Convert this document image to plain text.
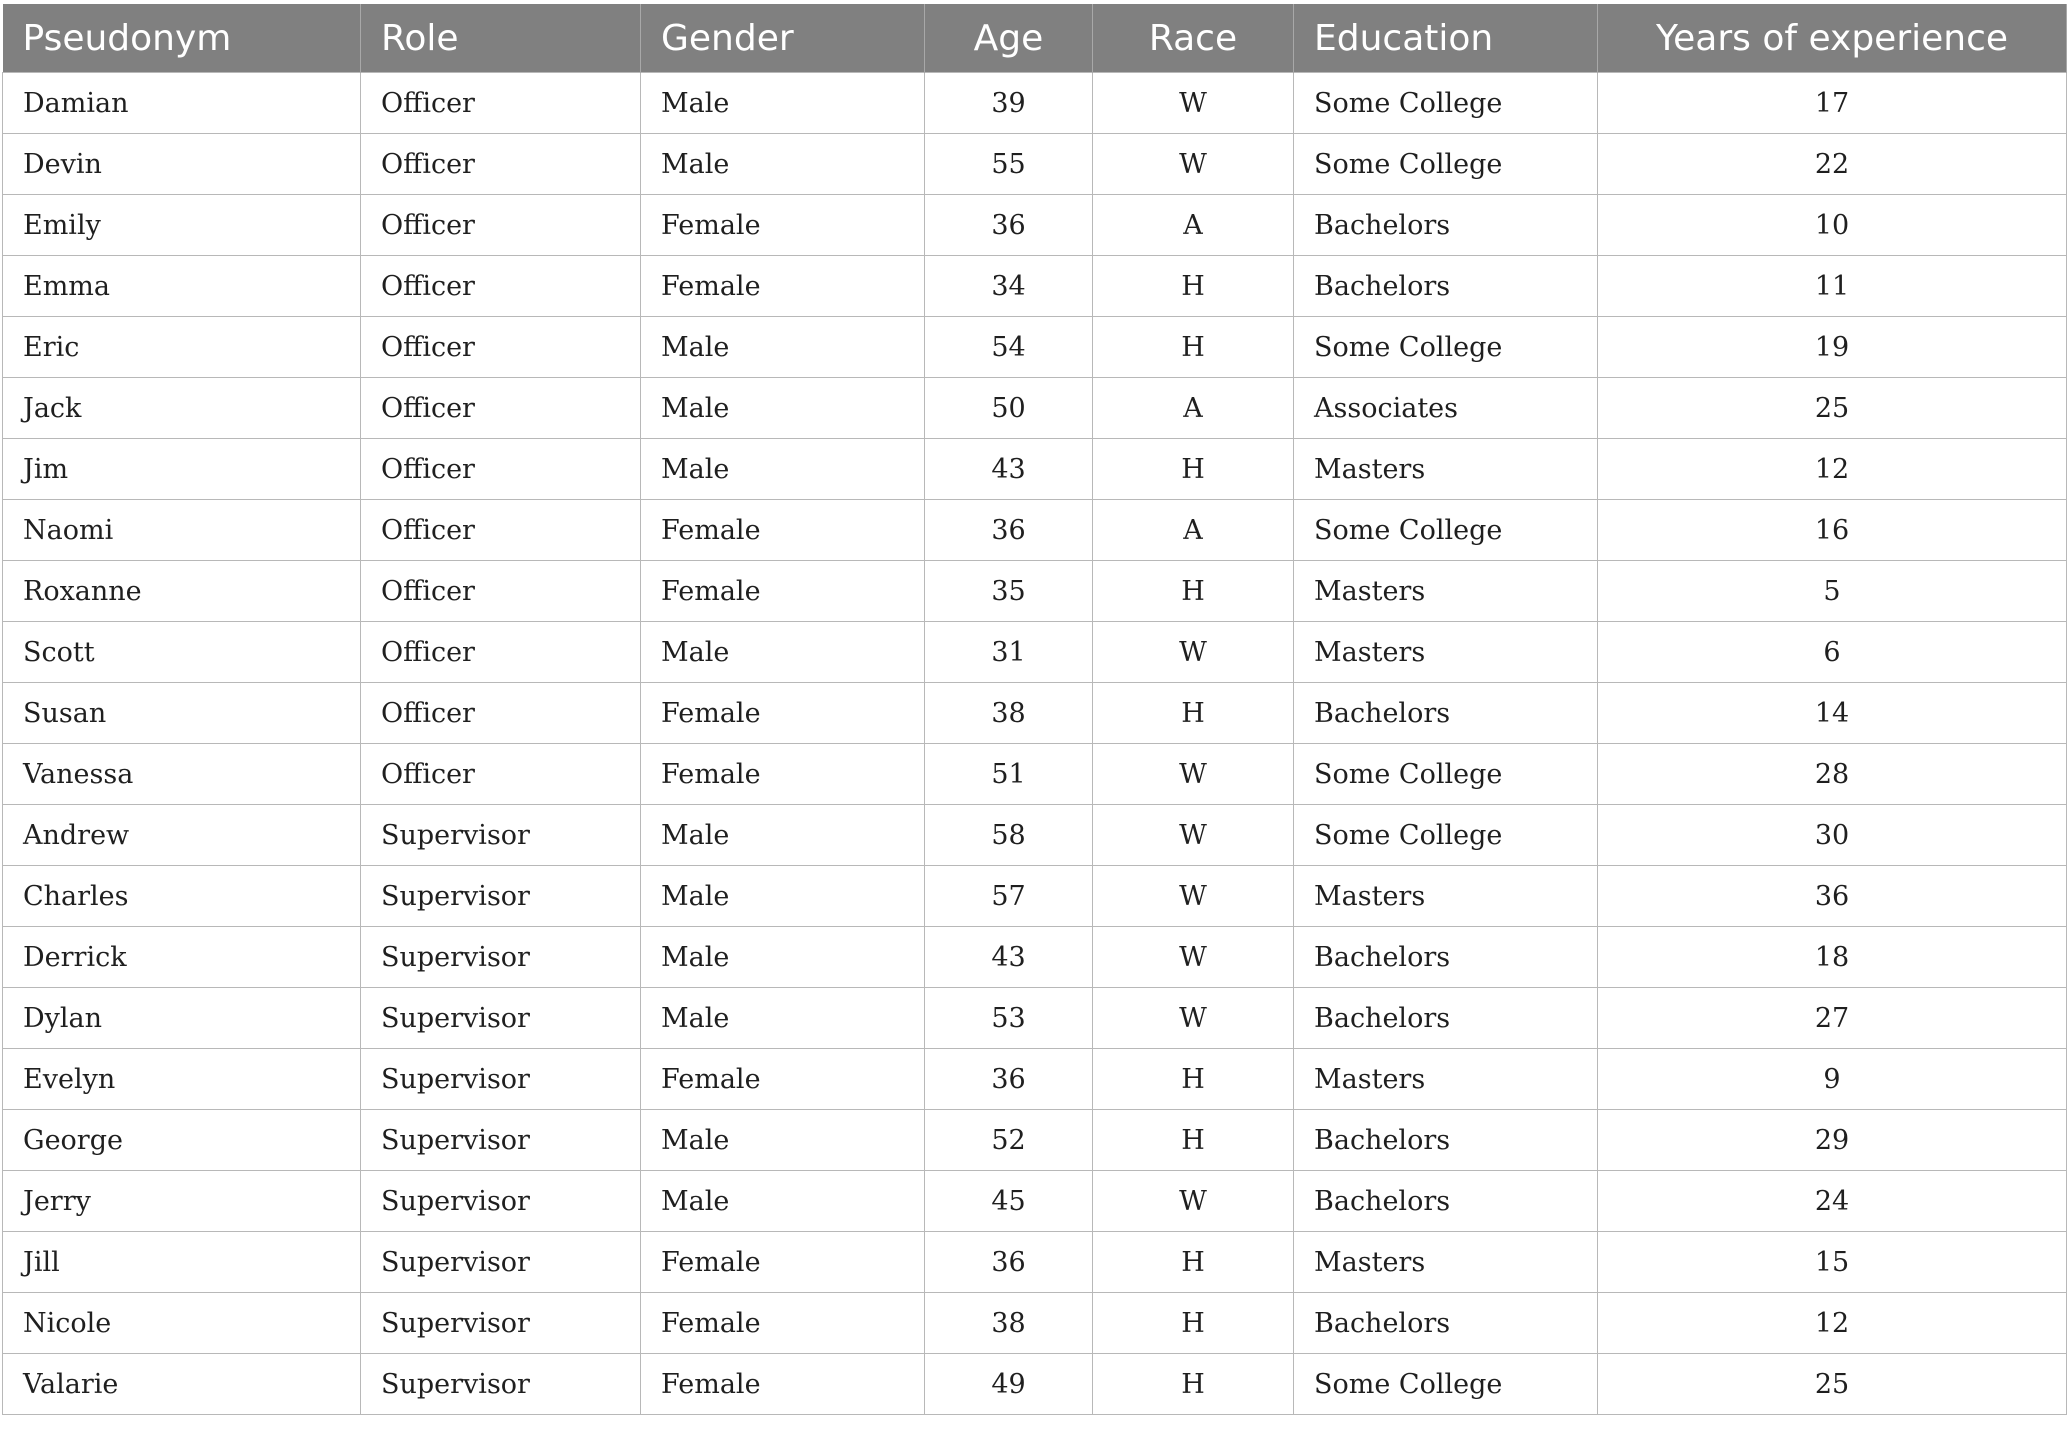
Pseudonym	Role	Gender	Age	Race	Education	Years of experience
Damian	Officer	Male	39	W	Some College	17
Devin	Officer	Male	55	W	Some College	22
Emily	Officer	Female	36	A	Bachelors	10
Emma	Officer	Female	34	H	Bachelors	11
Eric	Officer	Male	54	H	Some College	19
Jack	Officer	Male	50	A	Associates	25
Jim	Officer	Male	43	H	Masters	12
Naomi	Officer	Female	36	A	Some College	16
Roxanne	Officer	Female	35	H	Masters	5
Scott	Officer	Male	31	W	Masters	6
Susan	Officer	Female	38	H	Bachelors	14
Vanessa	Officer	Female	51	W	Some College	28
Andrew	Supervisor	Male	58	W	Some College	30
Charles	Supervisor	Male	57	W	Masters	36
Derrick	Supervisor	Male	43	W	Bachelors	18
Dylan	Supervisor	Male	53	W	Bachelors	27
Evelyn	Supervisor	Female	36	H	Masters	9
George	Supervisor	Male	52	H	Bachelors	29
Jerry	Supervisor	Male	45	W	Bachelors	24
Jill	Supervisor	Female	36	H	Masters	15
Nicole	Supervisor	Female	38	H	Bachelors	12
Valarie	Supervisor	Female	49	H	Some College	25
